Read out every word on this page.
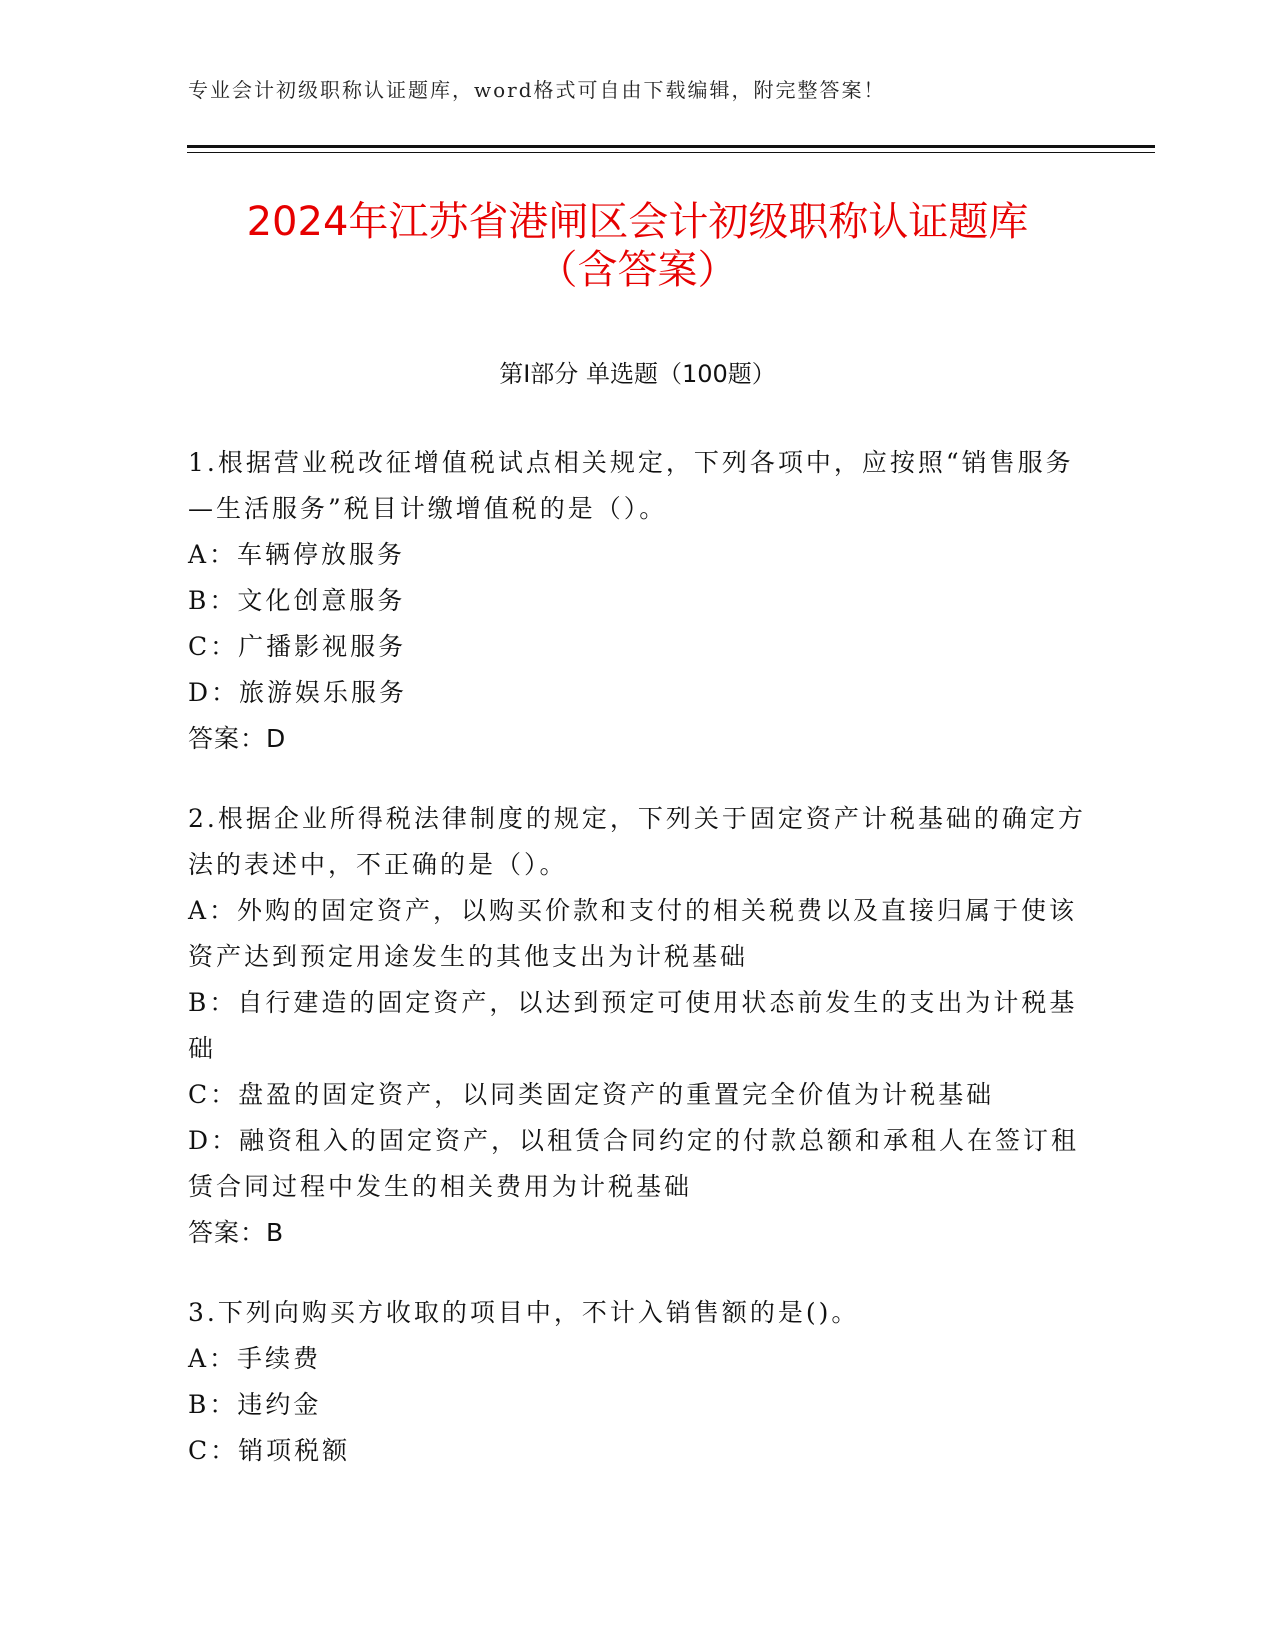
专业会计初级职称认证题库，word格式可自由下载编辑，附完整答案！
2024年江苏省港闸区会计初级职称认证题库
（含答案）
第Ⅰ部分 单选题（100题）
1.根据营业税改征增值税试点相关规定，下列各项中，应按照“销售服务—生活服务”税目计缴增值税的是（）。
A：车辆停放服务
B：文化创意服务
C：广播影视服务
D：旅游娱乐服务
答案：D
2.根据企业所得税法律制度的规定，下列关于固定资产计税基础的确定方法的表述中，不正确的是（）。
A：外购的固定资产，以购买价款和支付的相关税费以及直接归属于使该资产达到预定用途发生的其他支出为计税基础
B：自行建造的固定资产，以达到预定可使用状态前发生的支出为计税基础
C：盘盈的固定资产，以同类固定资产的重置完全价值为计税基础
D：融资租入的固定资产，以租赁合同约定的付款总额和承租人在签订租赁合同过程中发生的相关费用为计税基础
答案：B
3.下列向购买方收取的项目中，不计入销售额的是()。
A：手续费
B：违约金
C：销项税额
